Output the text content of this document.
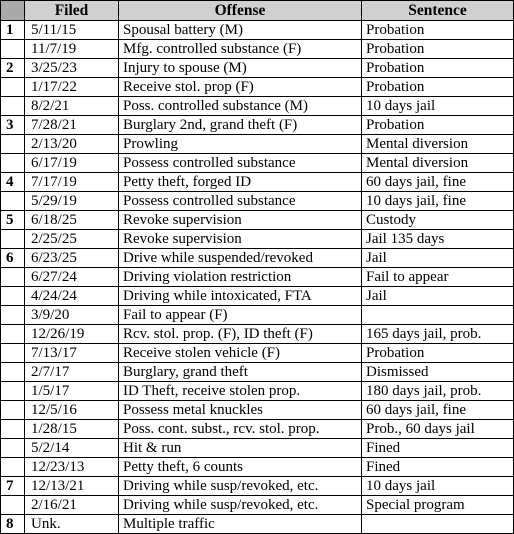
	Filed	Offense	Sentence
1	5/11/15	Spousal battery (M)	Probation
	11/7/19	Mfg. controlled substance (F)	Probation
2	3/25/23	Injury to spouse (M)	Probation
	1/17/22	Receive stol. prop (F)	Probation
	8/2/21	Poss. controlled substance (M)	10 days jail
3	7/28/21	Burglary 2nd, grand theft (F)	Probation
	2/13/20	Prowling	Mental diversion
	6/17/19	Possess controlled substance	Mental diversion
4	7/17/19	Petty theft, forged ID	60 days jail, fine
	5/29/19	Possess controlled substance	10 days jail, fine
5	6/18/25	Revoke supervision	Custody
	2/25/25	Revoke supervision	Jail 135 days
6	6/23/25	Drive while suspended/revoked	Jail
	6/27/24	Driving violation restriction	Fail to appear
	4/24/24	Driving while intoxicated, FTA	Jail
	3/9/20	Fail to appear (F)	
	12/26/19	Rcv. stol. prop. (F), ID theft (F)	165 days jail, prob.
	7/13/17	Receive stolen vehicle (F)	Probation
	2/7/17	Burglary, grand theft	Dismissed
	1/5/17	ID Theft, receive stolen prop.	180 days jail, prob.
	12/5/16	Possess metal knuckles	60 days jail, fine
	1/28/15	Poss. cont. subst., rcv. stol. prop.	Prob., 60 days jail
	5/2/14	Hit & run	Fined
	12/23/13	Petty theft, 6 counts	Fined
7	12/13/21	Driving while susp/revoked, etc.	10 days jail
	2/16/21	Driving while susp/revoked, etc.	Special program
8	Unk.	Multiple traffic	
